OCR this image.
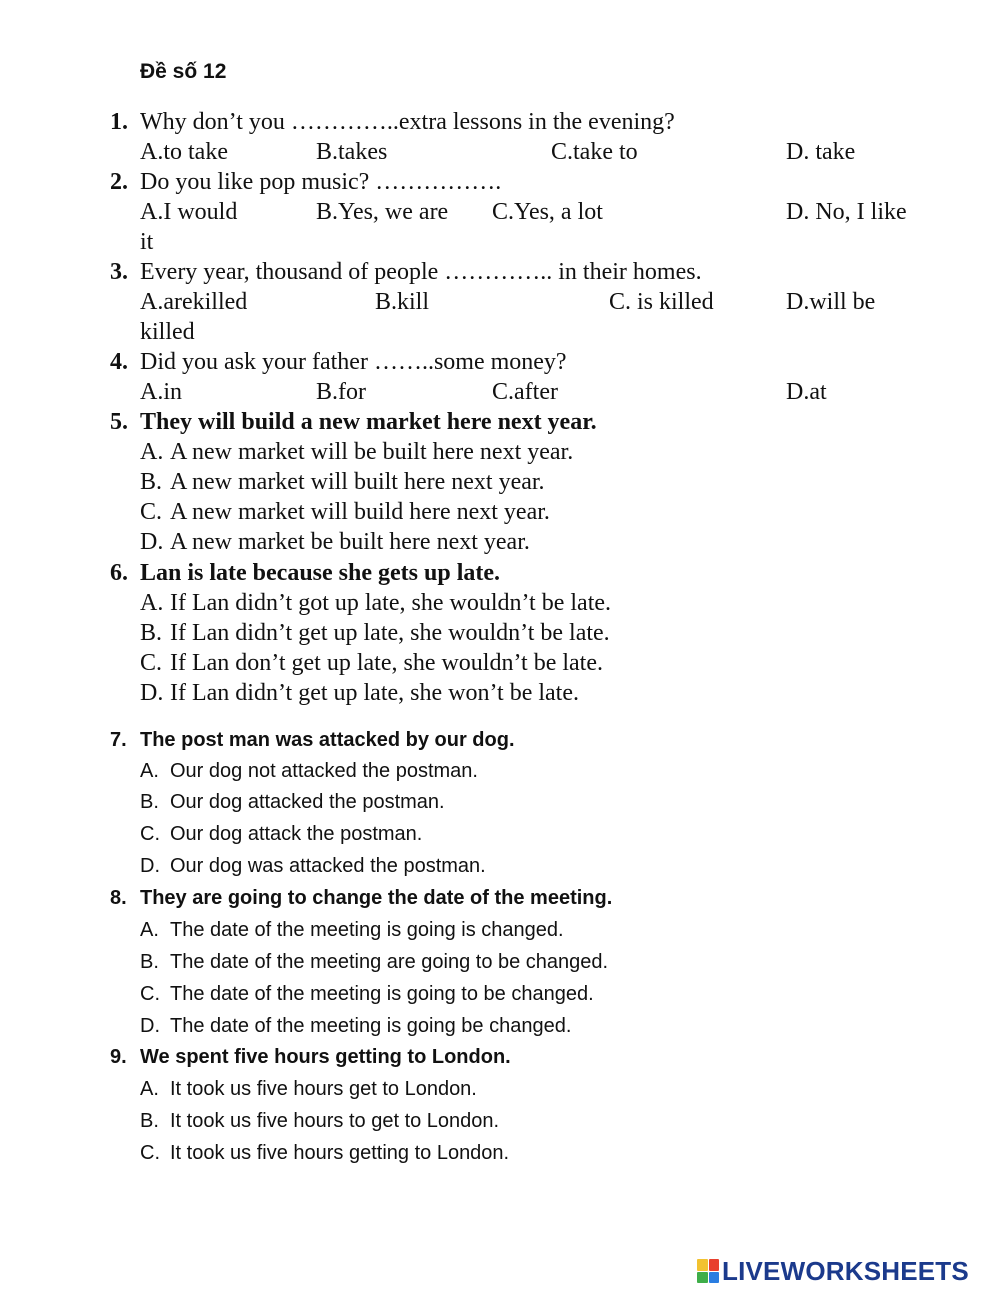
Đề số 12
1. Why don’t you …………..extra lessons in the evening?
A.to take	B.takes	C.take to	D. take
2. Do you like pop music? …………….
A.I would	B.Yes, we are C.Yes, a lot	D. No, I like
it
3. Every year, thousand of people ………….. in their homes.
A.arekilled	B.kill	C. is killed	D.will be
killed
4. Did you ask your father ……..some money?
A.in	B.for	C.after	D.at
5. They will build a new market here next year.
A. A new market will be built here next year.
B. A new market will built here next year.
C. A new market will build here next year.
D. A new market be built here next year.
6. Lan is late because she gets up late.
A. If Lan didn’t got up late, she wouldn’t be late.
B. If Lan didn’t get up late, she wouldn’t be late.
C. If Lan don’t get up late, she wouldn’t be late.
D. If Lan didn’t get up late, she won’t be late.
7. The post man was attacked by our dog.
A. Our dog not attacked the postman.
B. Our dog attacked the postman.
C. Our dog attack the postman.
D. Our dog was attacked the postman.
8. They are going to change the date of the meeting.
A. The date of the meeting is going is changed.
B. The date of the meeting are going to be changed.
C. The date of the meeting is going to be changed.
D. The date of the meeting is going be changed.
9. We spent five hours getting to London.
A. It took us five hours get to London.
B. It took us five hours to get to London.
C. It took us five hours getting to London.
LIVEWORKSHEETS
